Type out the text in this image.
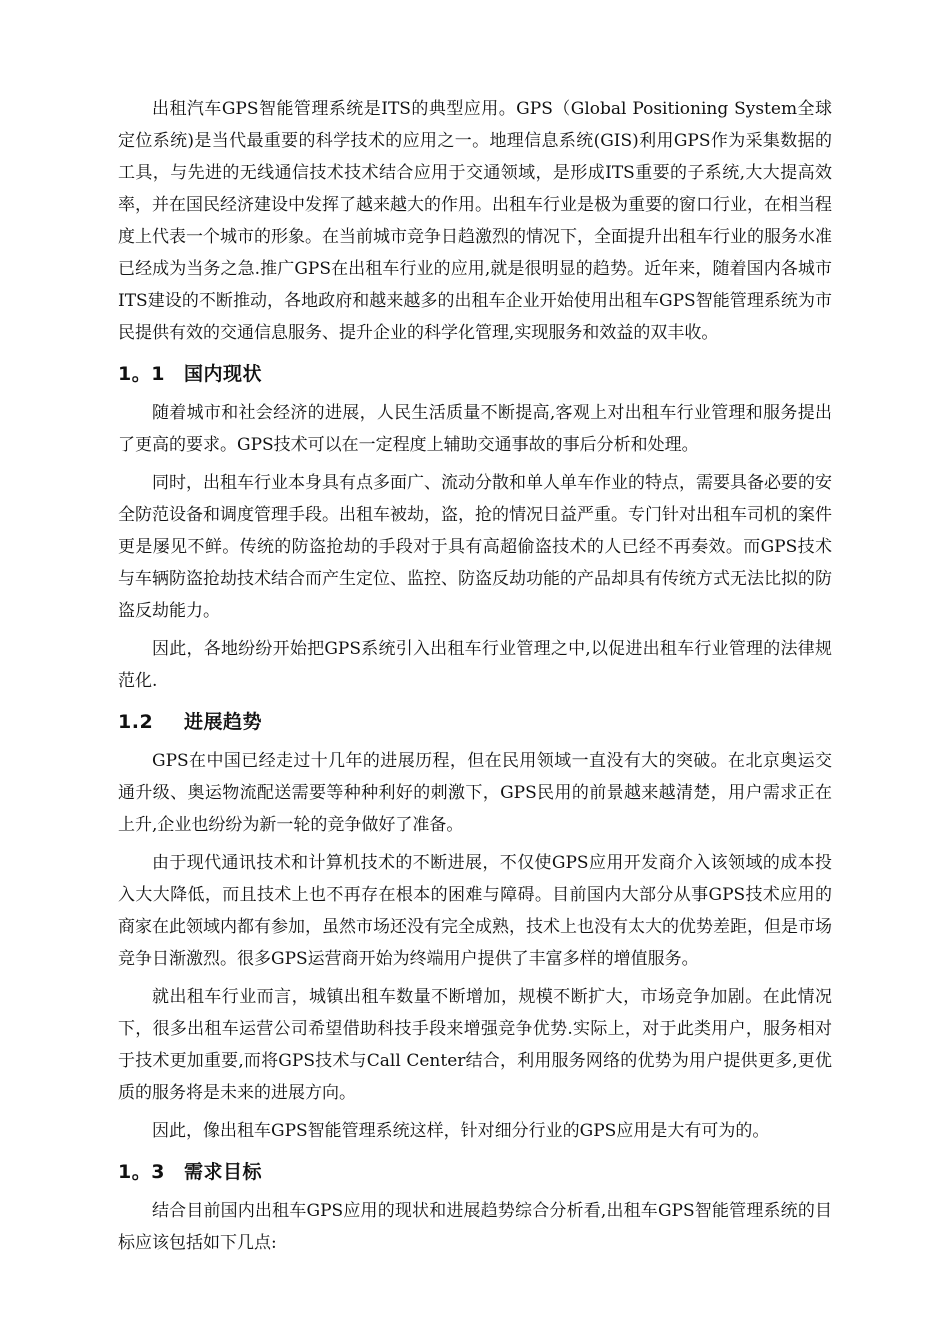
出租汽车GPS智能管理系统是ITS的典型应用。GPS（Global Positioning System全球定位系统)是当代最重要的科学技术的应用之一。地理信息系统(GIS)利用GPS作为采集数据的工具，与先进的无线通信技术技术结合应用于交通领域，是形成ITS重要的子系统,大大提高效率，并在国民经济建设中发挥了越来越大的作用。出租车行业是极为重要的窗口行业，在相当程度上代表一个城市的形象。在当前城市竞争日趋激烈的情况下，全面提升出租车行业的服务水准已经成为当务之急.推广GPS在出租车行业的应用,就是很明显的趋势。近年来，随着国内各城市ITS建设的不断推动，各地政府和越来越多的出租车企业开始使用出租车GPS智能管理系统为市民提供有效的交通信息服务、提升企业的科学化管理,实现服务和效益的双丰收。

1。1 国内现状

随着城市和社会经济的进展，人民生活质量不断提高,客观上对出租车行业管理和服务提出了更高的要求。GPS技术可以在一定程度上辅助交通事故的事后分析和处理。

同时，出租车行业本身具有点多面广、流动分散和单人单车作业的特点，需要具备必要的安全防范设备和调度管理手段。出租车被劫，盗，抢的情况日益严重。专门针对出租车司机的案件更是屡见不鲜。传统的防盗抢劫的手段对于具有高超偷盗技术的人已经不再奏效。而GPS技术与车辆防盗抢劫技术结合而产生定位、监控、防盗反劫功能的产品却具有传统方式无法比拟的防盗反劫能力。

因此，各地纷纷开始把GPS系统引入出租车行业管理之中,以促进出租车行业管理的法律规范化.

1.2 进展趋势

GPS在中国已经走过十几年的进展历程，但在民用领域一直没有大的突破。在北京奥运交通升级、奥运物流配送需要等种种利好的刺激下，GPS民用的前景越来越清楚，用户需求正在上升,企业也纷纷为新一轮的竞争做好了准备。

由于现代通讯技术和计算机技术的不断进展，不仅使GPS应用开发商介入该领域的成本投入大大降低，而且技术上也不再存在根本的困难与障碍。目前国内大部分从事GPS技术应用的商家在此领域内都有参加，虽然市场还没有完全成熟，技术上也没有太大的优势差距，但是市场竞争日渐激烈。很多GPS运营商开始为终端用户提供了丰富多样的增值服务。

就出租车行业而言，城镇出租车数量不断增加，规模不断扩大，市场竞争加剧。在此情况下，很多出租车运营公司希望借助科技手段来增强竞争优势.实际上，对于此类用户，服务相对于技术更加重要,而将GPS技术与Call Center结合，利用服务网络的优势为用户提供更多,更优质的服务将是未来的进展方向。

因此，像出租车GPS智能管理系统这样，针对细分行业的GPS应用是大有可为的。

1。3 需求目标

结合目前国内出租车GPS应用的现状和进展趋势综合分析看,出租车GPS智能管理系统的目标应该包括如下几点:
